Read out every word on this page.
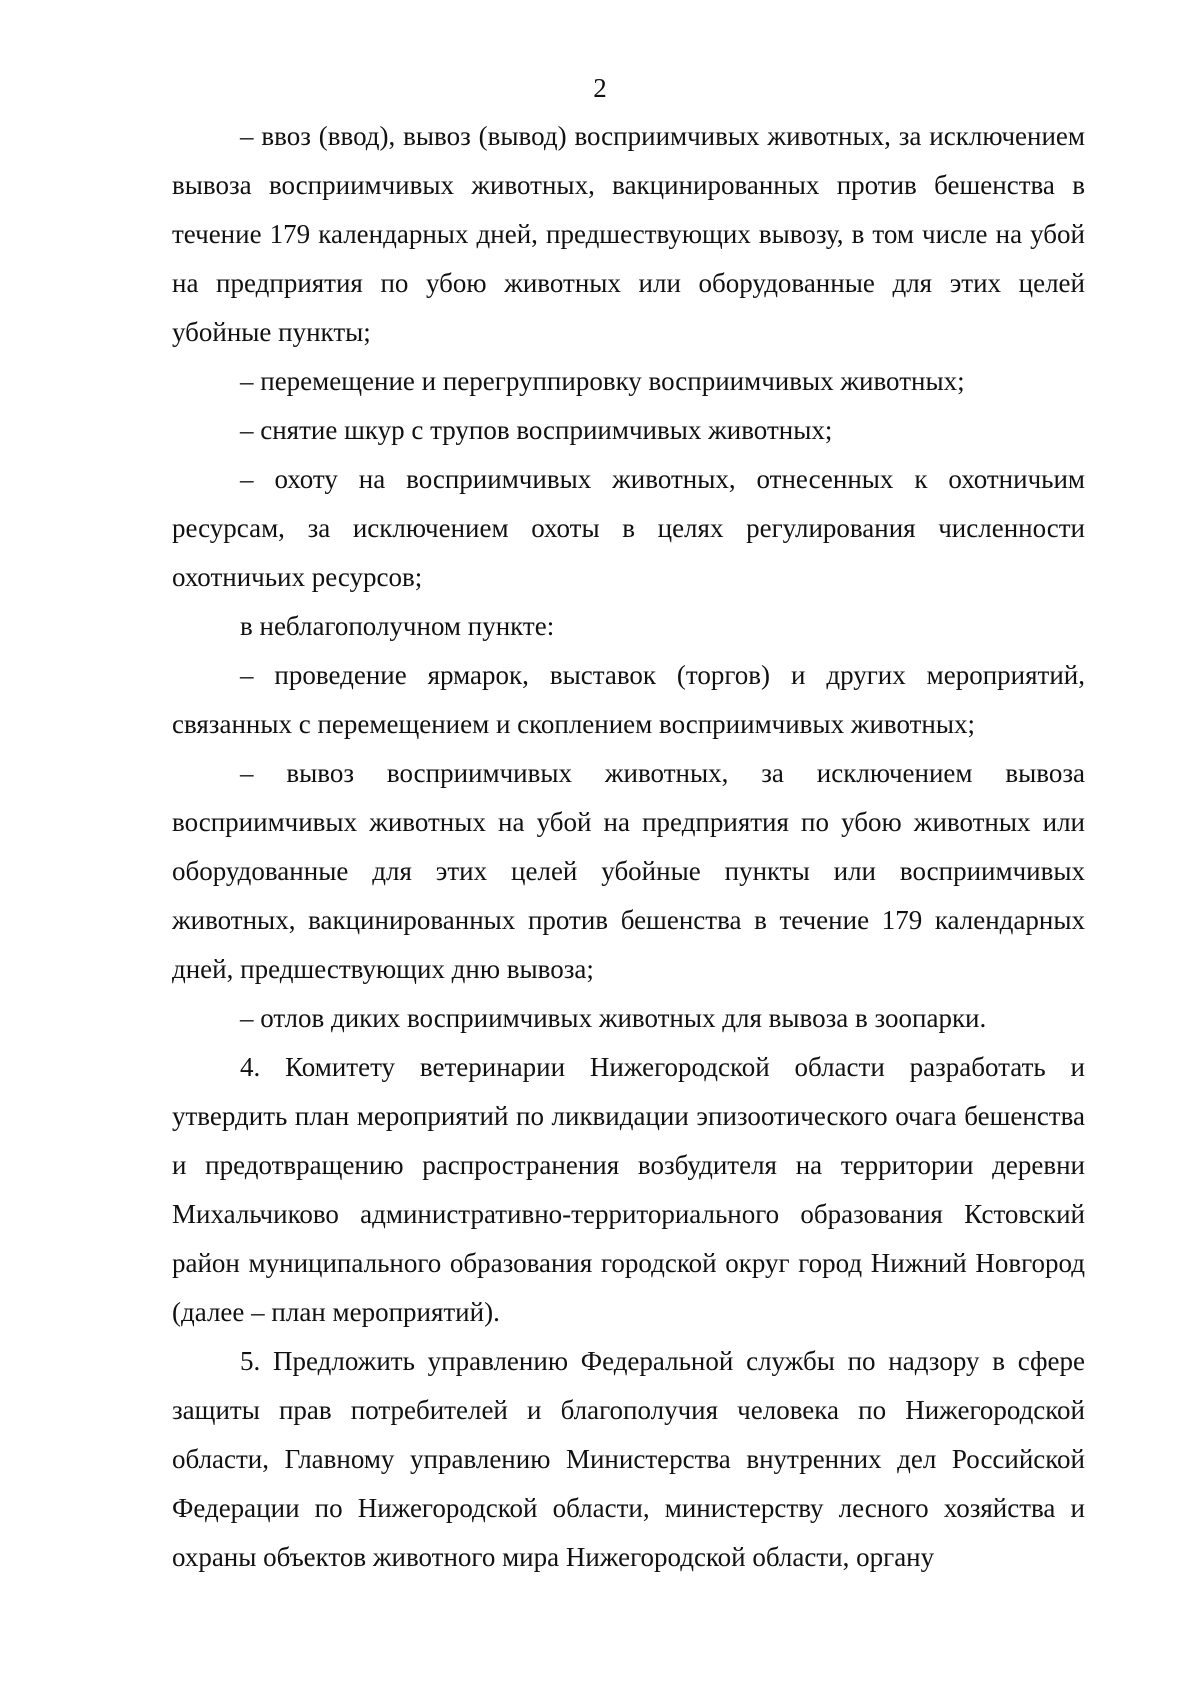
2

– ввоз (ввод), вывоз (вывод) восприимчивых животных, за исключением вывоза восприимчивых животных, вакцинированных против бешенства в течение 179 календарных дней, предшествующих вывозу, в том числе на убой на предприятия по убою животных или оборудованные для этих целей убойные пункты;

– перемещение и перегруппировку восприимчивых животных;

– снятие шкур с трупов восприимчивых животных;

– охоту на восприимчивых животных, отнесенных к охотничьим ресурсам, за исключением охоты в целях регулирования численности охотничьих ресурсов;

в неблагополучном пункте:

– проведение ярмарок, выставок (торгов) и других мероприятий, связанных с перемещением и скоплением восприимчивых животных;

– вывоз восприимчивых животных, за исключением вывоза восприимчивых животных на убой на предприятия по убою животных или оборудованные для этих целей убойные пункты или восприимчивых животных, вакцинированных против бешенства в течение 179 календарных дней, предшествующих дню вывоза;

– отлов диких восприимчивых животных для вывоза в зоопарки.

4. Комитету ветеринарии Нижегородской области разработать и утвердить план мероприятий по ликвидации эпизоотического очага бешенства и предотвращению распространения возбудителя на территории деревни Михальчиково административно-территориального образования Кстовский район муниципального образования городской округ город Нижний Новгород (далее – план мероприятий).

5. Предложить управлению Федеральной службы по надзору в сфере защиты прав потребителей и благополучия человека по Нижегородской области, Главному управлению Министерства внутренних дел Российской Федерации по Нижегородской области, министерству лесного хозяйства и охраны объектов животного мира Нижегородской области, органу
